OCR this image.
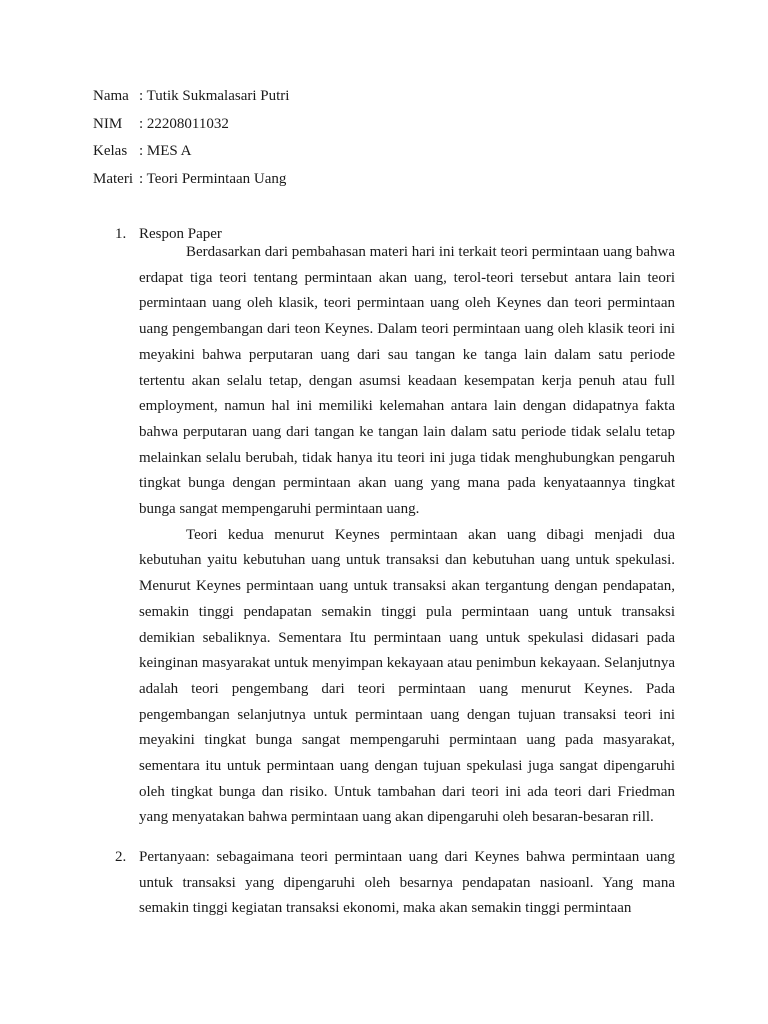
Nama : Tutik Sukmalasari Putri
NIM	: 22208011032
Kelas : MES A
Materi : Teori Permintaan Uang
1. Respon Paper

Berdasarkan dari pembahasan materi hari ini terkait teori permintaan uang bahwa erdapat tiga teori tentang permintaan akan uang, terol-teori tersebut antara lain teori permintaan uang oleh klasik, teori permintaan uang oleh Keynes dan teori permintaan uang pengembangan dari teon Keynes. Dalam teori permintaan uang oleh klasik teori ini meyakini bahwa perputaran uang dari sau tangan ke tanga lain dalam satu periode tertentu akan selalu tetap, dengan asumsi keadaan kesempatan kerja penuh atau full employment, namun hal ini memiliki kelemahan antara lain dengan didapatnya fakta bahwa perputaran uang dari tangan ke tangan lain dalam satu periode tidak selalu tetap melainkan selalu berubah, tidak hanya itu teori ini juga tidak menghubungkan pengaruh tingkat bunga dengan permintaan akan uang yang mana pada kenyataannya tingkat bunga sangat mempengaruhi permintaan uang.

Teori kedua menurut Keynes permintaan akan uang dibagi menjadi dua kebutuhan yaitu kebutuhan uang untuk transaksi dan kebutuhan uang untuk spekulasi. Menurut Keynes permintaan uang untuk transaksi akan tergantung dengan pendapatan, semakin tinggi pendapatan semakin tinggi pula permintaan uang untuk transaksi demikian sebaliknya. Sementara Itu permintaan uang untuk spekulasi didasari pada keinginan masyarakat untuk menyimpan kekayaan atau penimbun kekayaan. Selanjutnya adalah teori pengembang dari teori permintaan uang menurut Keynes. Pada pengembangan selanjutnya untuk permintaan uang dengan tujuan transaksi teori ini meyakini tingkat bunga sangat mempengaruhi permintaan uang pada masyarakat, sementara itu untuk permintaan uang dengan tujuan spekulasi juga sangat dipengaruhi oleh tingkat bunga dan risiko. Untuk tambahan dari teori ini ada teori dari Friedman yang menyatakan bahwa permintaan uang akan dipengaruhi oleh besaran-besaran rill.

2. Pertanyaan: sebagaimana teori permintaan uang dari Keynes bahwa permintaan uang untuk transaksi yang dipengaruhi oleh besarnya pendapatan nasioanl. Yang mana semakin tinggi kegiatan transaksi ekonomi, maka akan semakin tinggi permintaan
